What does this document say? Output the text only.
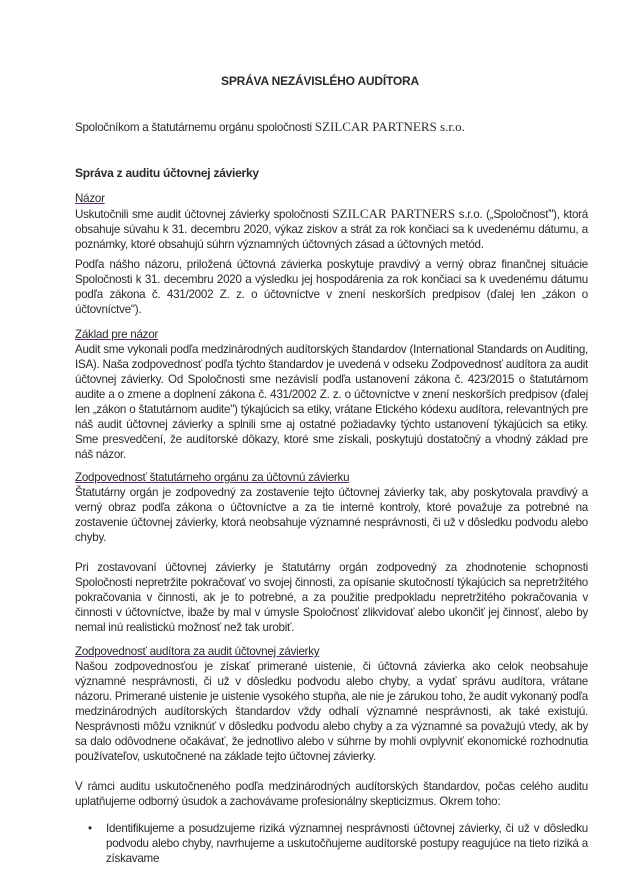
SPRÁVA NEZÁVISLÉHO AUDÍTORA
Spoločníkom a štatutárnemu orgánu spoločnosti SZILCAR PARTNERS s.r.o.
Správa z auditu účtovnej závierky
Názor

Uskutočnili sme audit účtovnej závierky spoločnosti SZILCAR PARTNERS s.r.o. („Spoločnosť"), ktorá obsahuje súvahu k 31. decembru 2020, výkaz ziskov a strát za rok končiaci sa k uvedenému dátumu, a poznámky, ktoré obsahujú súhrn významných účtovných zásad a účtovných metód.

Podľa nášho názoru, priložená účtovná závierka poskytuje pravdivý a verný obraz finančnej situácie Spoločnosti k 31. decembru 2020 a výsledku jej hospodárenia za rok končiaci sa k uvedenému dátumu podľa zákona č. 431/2002 Z. z. o účtovníctve v znení neskorších predpisov (ďalej len „zákon o účtovníctve").

Základ pre názor

Audit sme vykonali podľa medzinárodných audítorských štandardov (International Standards on Auditing, ISA). Naša zodpovednosť podľa týchto štandardov je uvedená v odseku Zodpovednosť audítora za audit účtovnej závierky. Od Spoločnosti sme nezávislí podľa ustanovení zákona č. 423/2015 o štatutárnom audite a o zmene a doplnení zákona č. 431/2002 Z. z. o účtovníctve v znení neskorších predpisov (ďalej len „zákon o štatutárnom audite") týkajúcich sa etiky, vrátane Etického kódexu audítora, relevantných pre náš audit účtovnej závierky a splnili sme aj ostatné požiadavky týchto ustanovení týkajúcich sa etiky. Sme presvedčení, že audítorské dôkazy, ktoré sme získali, poskytujú dostatočný a vhodný základ pre náš názor.

Zodpovednosť štatutárneho orgánu za účtovnú závierku

Štatutárny orgán je zodpovedný za zostavenie tejto účtovnej závierky tak, aby poskytovala pravdivý a verný obraz podľa zákona o účtovníctve a za tie interné kontroly, ktoré považuje za potrebné na zostavenie účtovnej závierky, ktorá neobsahuje významné nesprávnosti, či už v dôsledku podvodu alebo chyby.

Pri zostavovaní účtovnej závierky je štatutárny orgán zodpovedný za zhodnotenie schopnosti Spoločnosti nepretržite pokračovať vo svojej činnosti, za opísanie skutočností týkajúcich sa nepretržitého pokračovania v činnosti, ak je to potrebné, a za použitie predpokladu nepretržitého pokračovania v činnosti v účtovníctve, ibaže by mal v úmysle Spoločnosť zlikvidovať alebo ukončiť jej činnosť, alebo by nemal inú realistickú možnosť než tak urobiť.

Zodpovednosť audítora za audit účtovnej závierky

Našou zodpovednosťou je získať primerané uistenie, či účtovná závierka ako celok neobsahuje významné nesprávnosti, či už v dôsledku podvodu alebo chyby, a vydať správu audítora, vrátane názoru. Primerané uistenie je uistenie vysokého stupňa, ale nie je zárukou toho, že audit vykonaný podľa medzinárodných audítorských štandardov vždy odhalí významné nesprávnosti, ak také existujú. Nesprávnosti môžu vzniknúť v dôsledku podvodu alebo chyby a za významné sa považujú vtedy, ak by sa dalo odôvodnene očakávať, že jednotlivo alebo v súhrne by mohli ovplyvniť ekonomické rozhodnutia používateľov, uskutočnené na základe tejto účtovnej závierky.

V rámci auditu uskutočneného podľa medzinárodných audítorských štandardov, počas celého auditu uplatňujeme odborný úsudok a zachovávame profesionálny skepticizmus. Okrem toho:

• Identifikujeme a posudzujeme riziká významnej nesprávnosti účtovnej závierky, či už v dôsledku podvodu alebo chyby, navrhujeme a uskutočňujeme audítorské postupy reagujúce na tieto riziká a získavame
